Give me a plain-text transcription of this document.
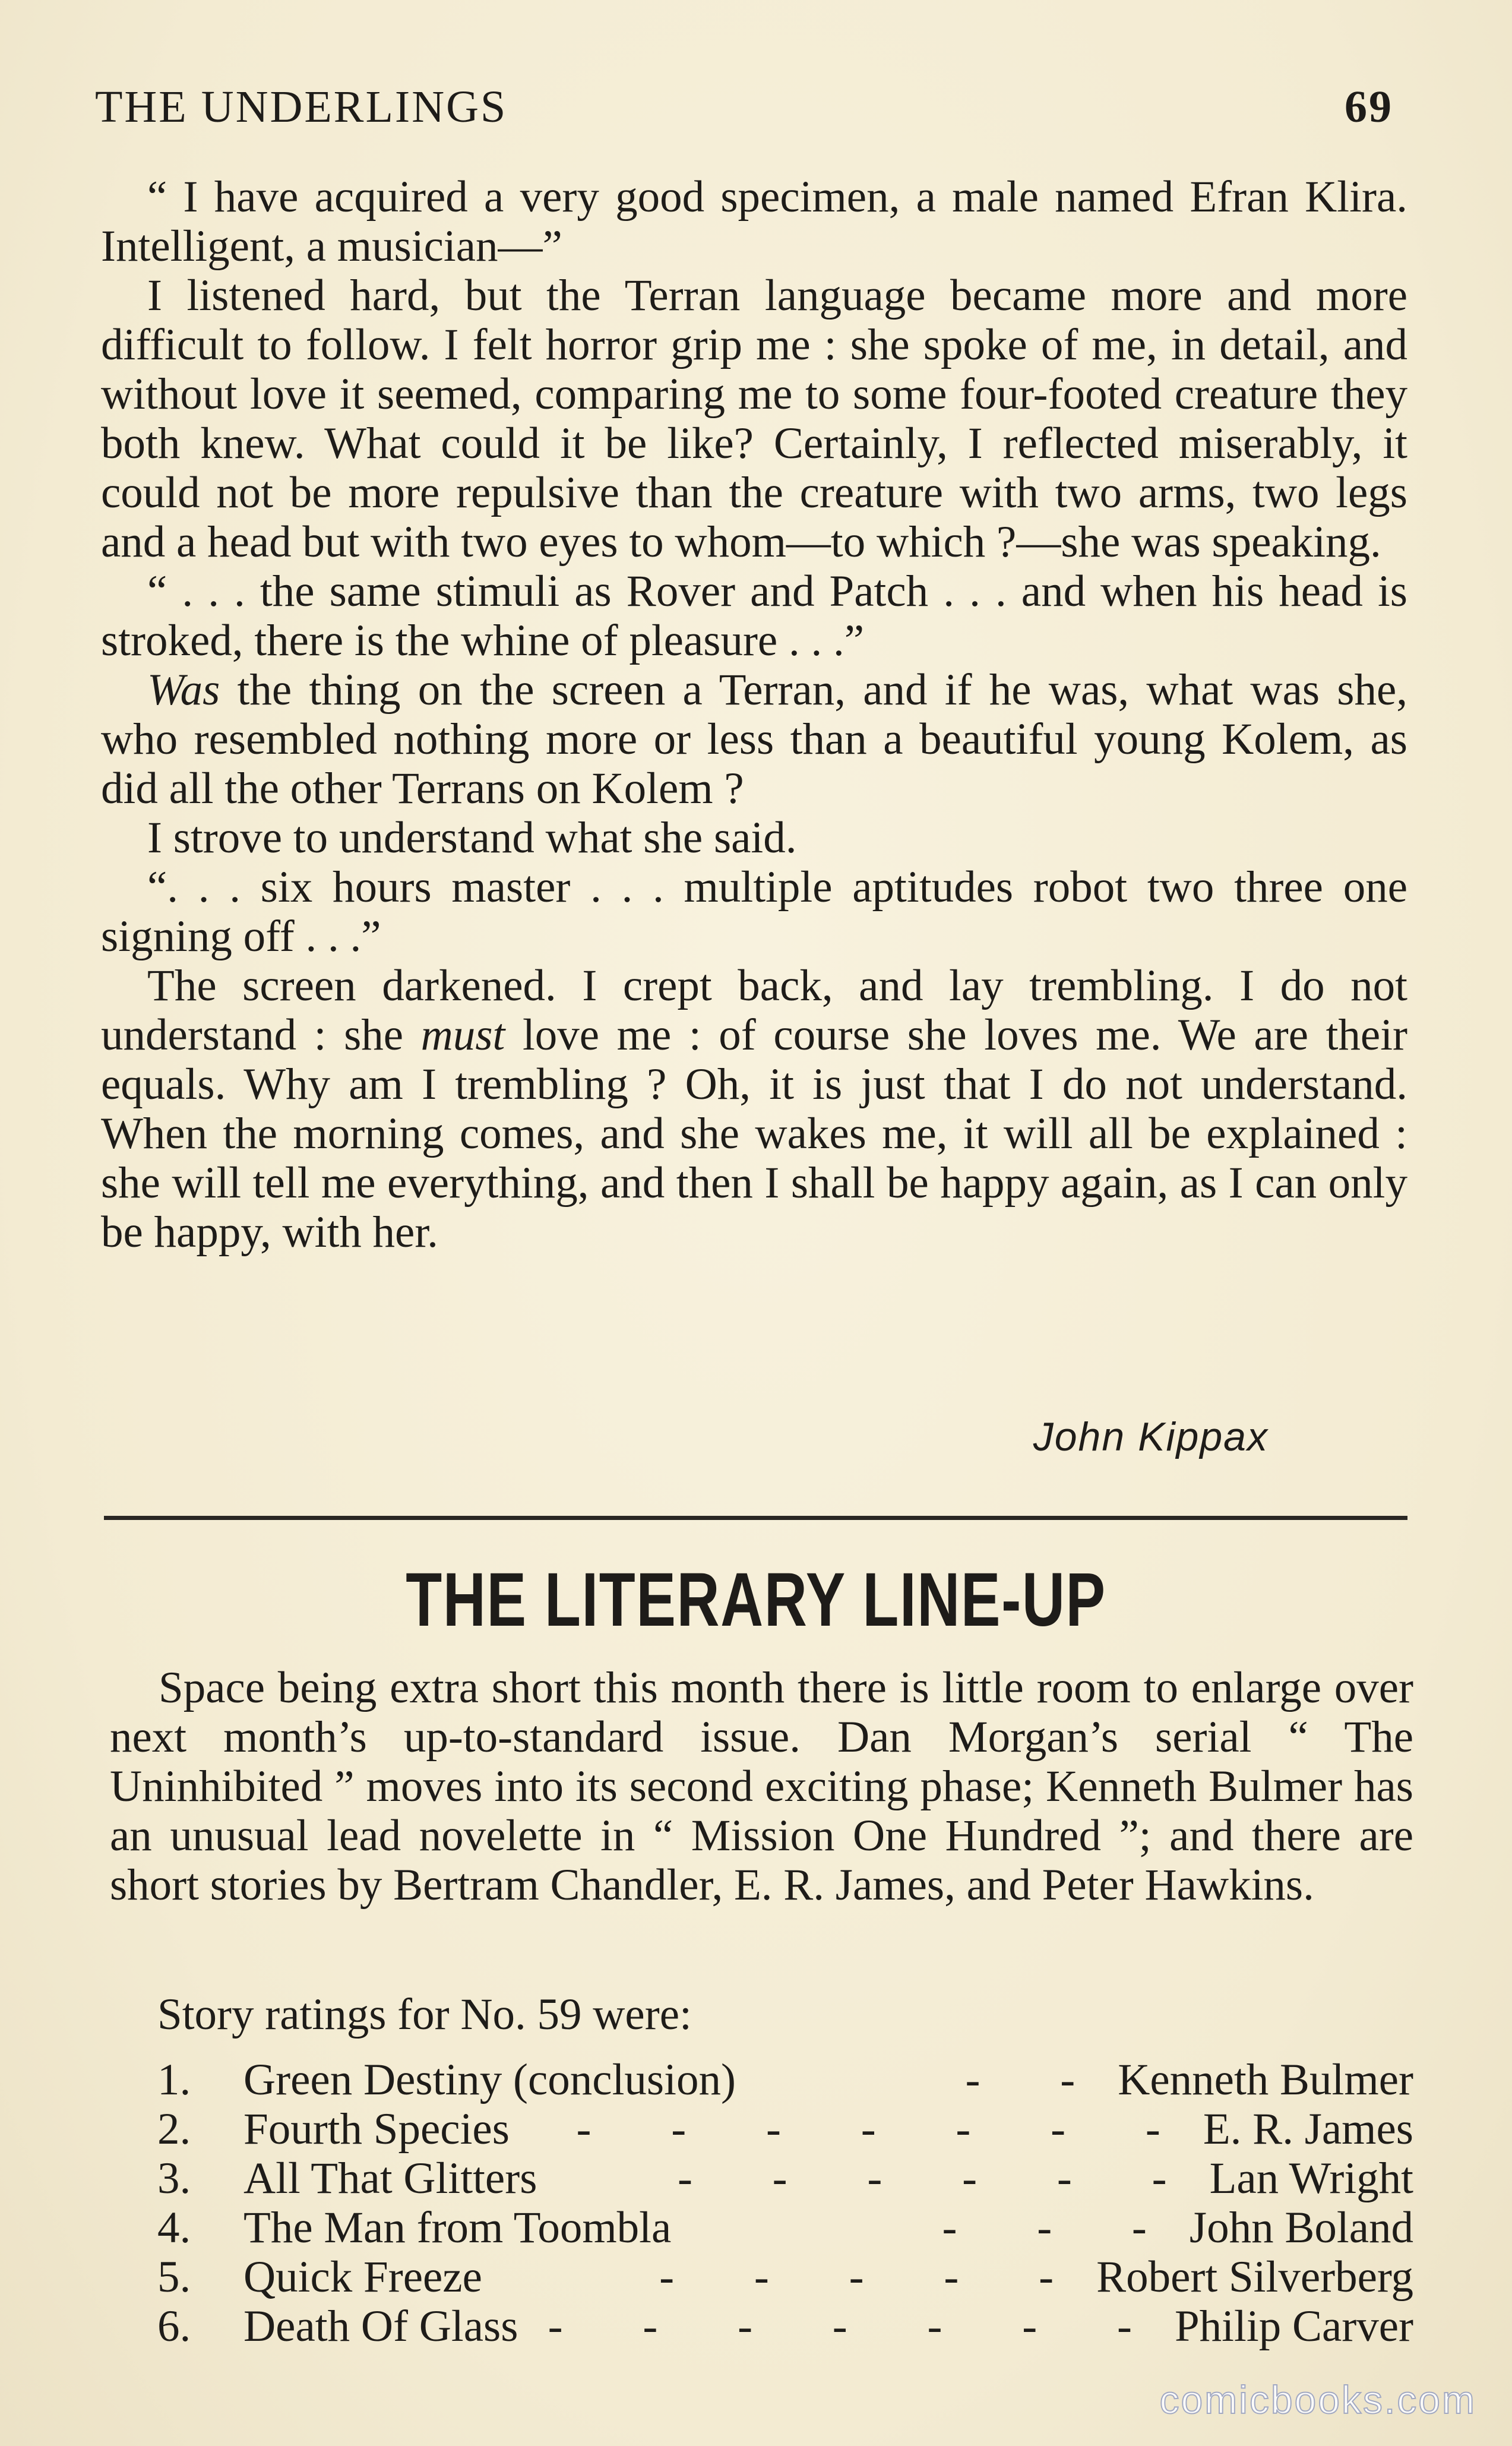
THE UNDERLINGS	69

“ I have acquired a very good specimen, a male named Efran Klira. Intelligent, a musician—”

I listened hard, but the Terran language became more and more difficult to follow. I felt horror grip me : she spoke of me, in detail, and without love it seemed, comparing me to some four-footed creature they both knew. What could it be like? Certainly, I reflected miserably, it could not be more repulsive than the creature with two arms, two legs and a head but with two eyes to whom—to which ?—she was speaking.

“ . . . the same stimuli as Rover and Patch . . . and when his head is stroked, there is the whine of pleasure . . .”

Was the thing on the screen a Terran, and if he was, what was she, who resembled nothing more or less than a beautiful young Kolem, as did all the other Terrans on Kolem ?

I strove to understand what she said.

“. . . six hours master . . . multiple aptitudes robot two three one signing off . . .”

The screen darkened. I crept back, and lay trembling. I do not understand : she must love me : of course she loves me. We are their equals. Why am I trembling ? Oh, it is just that I do not understand. When the morning comes, and she wakes me, it will all be explained : she will tell me everything, and then I shall be happy again, as I can only be happy, with her.

John Kippax
THE LITERARY LINE-UP

Space being extra short this month there is little room to enlarge over next month’s up-to-standard issue. Dan Morgan’s serial “ The Uninhibited ” moves into its second exciting phase; Kenneth Bulmer has an unusual lead novelette in “ Mission One Hundred ”; and there are short stories by Bertram Chandler, E. R. James, and Peter Hawkins.

Story ratings for No. 59 were:
1.	Green Destiny (conclusion)	- - Kenneth Bulmer
2.	Fourth Species	- - - - - - - E. R. James
3.	All That Glitters	- - - - - - Lan Wright
4.	The Man from Toombla	- - - John Boland
5.	Quick Freeze	- - - - - Robert Silverberg
6.	Death Of Glass - - - - - - - Philip Carver
comicbooks.com
